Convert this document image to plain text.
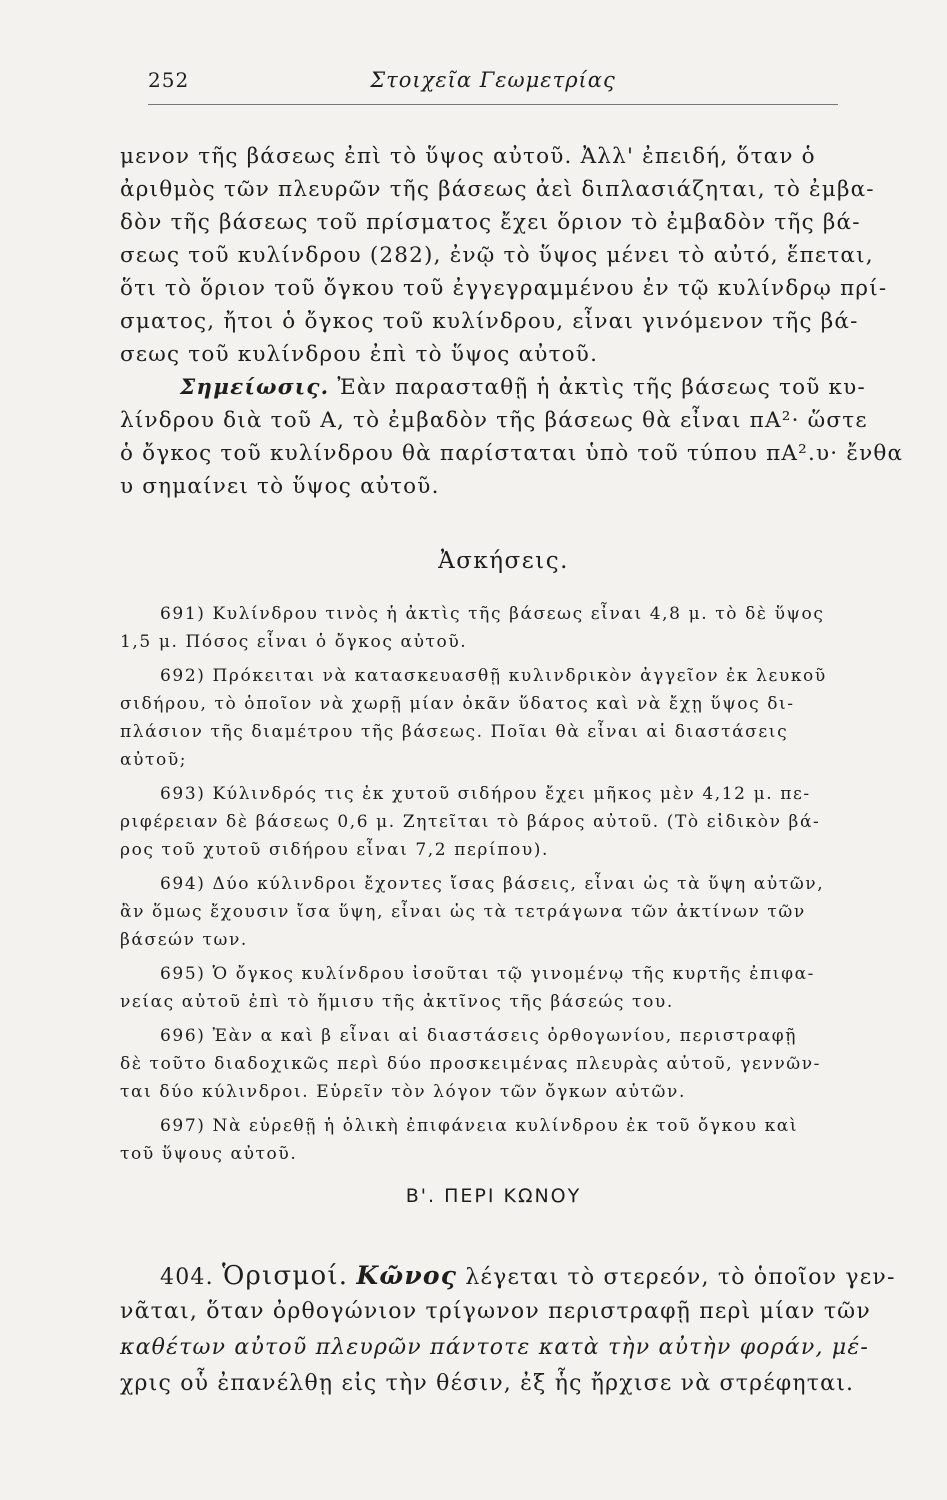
252	Στοιχεῖα Γεωμετρίας
μενον τῆς βάσεως ἐπὶ τὸ ὕψος αὐτοῦ. Ἀλλ' ἐπειδή, ὅταν ὁ
ἀριθμὸς τῶν πλευρῶν τῆς βάσεως ἀεὶ διπλασιάζηται, τὸ ἐμβα-
δὸν τῆς βάσεως τοῦ πρίσματος ἔχει ὅριον τὸ ἐμβαδὸν τῆς βά-
σεως τοῦ κυλίνδρου (282), ἐνῷ τὸ ὕψος μένει τὸ αὐτό, ἕπεται,
ὅτι τὸ ὅριον τοῦ ὄγκου τοῦ ἐγγεγραμμένου ἐν τῷ κυλίνδρῳ πρί-
σματος, ἤτοι ὁ ὄγκος τοῦ κυλίνδρου, εἶναι γινόμενον τῆς βά-
σεως τοῦ κυλίνδρου ἐπὶ τὸ ὕψος αὐτοῦ.
Σημείωσις. Ἐὰν παρασταθῇ ἡ ἀκτὶς τῆς βάσεως τοῦ κυ-
λίνδρου διὰ τοῦ Α, τὸ ἐμβαδὸν τῆς βάσεως θὰ εἶναι πΑ²· ὥστε
ὁ ὄγκος τοῦ κυλίνδρου θὰ παρίσταται ὑπὸ τοῦ τύπου πΑ².υ· ἔνθα
υ σημαίνει τὸ ὕψος αὐτοῦ.
Ἀσκήσεις.
691) Κυλίνδρου τινὸς ἡ ἀκτὶς τῆς βάσεως εἶναι 4,8 μ. τὸ δὲ ὕψος
1,5 μ. Πόσος εἶναι ὁ ὄγκος αὐτοῦ.
692) Πρόκειται νὰ κατασκευασθῇ κυλινδρικὸν ἀγγεῖον ἐκ λευκοῦ
σιδήρου, τὸ ὁποῖον νὰ χωρῇ μίαν ὀκᾶν ὕδατος καὶ νὰ ἔχῃ ὕψος δι-
πλάσιον τῆς διαμέτρου τῆς βάσεως. Ποῖαι θὰ εἶναι αἱ διαστάσεις
αὐτοῦ;
693) Κύλινδρός τις ἐκ χυτοῦ σιδήρου ἔχει μῆκος μὲν 4,12 μ. πε-
ριφέρειαν δὲ βάσεως 0,6 μ. Ζητεῖται τὸ βάρος αὐτοῦ. (Τὸ εἰδικὸν βά-
ρος τοῦ χυτοῦ σιδήρου εἶναι 7,2 περίπου).
694) Δύο κύλινδροι ἔχοντες ἴσας βάσεις, εἶναι ὡς τὰ ὕψη αὐτῶν,
ἂν ὅμως ἔχουσιν ἴσα ὕψη, εἶναι ὡς τὰ τετράγωνα τῶν ἀκτίνων τῶν
βάσεών των.
695) Ὁ ὄγκος κυλίνδρου ἰσοῦται τῷ γινομένῳ τῆς κυρτῆς ἐπιφα-
νείας αὐτοῦ ἐπὶ τὸ ἥμισυ τῆς ἀκτῖνος τῆς βάσεώς του.
696) Ἐὰν α καὶ β εἶναι αἱ διαστάσεις ὀρθογωνίου, περιστραφῇ
δὲ τοῦτο διαδοχικῶς περὶ δύο προσκειμένας πλευρὰς αὐτοῦ, γεννῶν-
ται δύο κύλινδροι. Εὑρεῖν τὸν λόγον τῶν ὄγκων αὐτῶν.
697) Νὰ εὑρεθῇ ἡ ὁλικὴ ἐπιφάνεια κυλίνδρου ἐκ τοῦ ὄγκου καὶ
τοῦ ὕψους αὐτοῦ.
Β'. ΠΕΡΙ ΚΩΝΟΥ
404. Ὁρισμοί. Κῶνος λέγεται τὸ στερεόν, τὸ ὁποῖον γεν-
νᾶται, ὅταν ὀρθογώνιον τρίγωνον περιστραφῇ περὶ μίαν τῶν
καθέτων αὐτοῦ πλευρῶν πάντοτε κατὰ τὴν αὐτὴν φοράν, μέ-
χρις οὗ ἐπανέλθῃ εἰς τὴν θέσιν, ἐξ ἧς ἤρχισε νὰ στρέφηται.
